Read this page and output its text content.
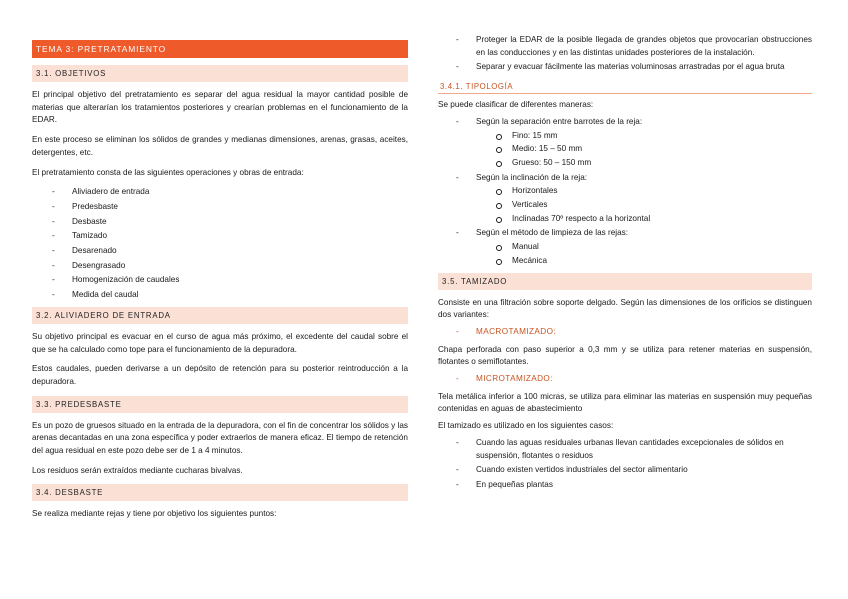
TEMA 3: PRETRATAMIENTO
3.1. OBJETIVOS

El principal objetivo del pretratamiento es separar del agua residual la mayor cantidad posible de materias que alterarían los tratamientos posteriores y crearían problemas en el funcionamiento de la EDAR.

En este proceso se eliminan los sólidos de grandes y medianas dimensiones, arenas, grasas, aceites, detergentes, etc.

El pretratamiento consta de las siguientes operaciones y obras de entrada:

- Aliviadero de entrada
- Predesbaste
- Desbaste
- Tamizado
- Desarenado
- Desengrasado
- Homogenización de caudales
- Medida del caudal
3.2. ALIVIADERO DE ENTRADA

Su objetivo principal es evacuar en el curso de agua más próximo, el excedente del caudal sobre el que se ha calculado como tope para el funcionamiento de la depuradora.

Estos caudales, pueden derivarse a un depósito de retención para su posterior reintroducción a la depuradora.

3.3. PREDESBASTE

Es un pozo de gruesos situado en la entrada de la depuradora, con el fin de concentrar los sólidos y las arenas decantadas en una zona específica y poder extraerlos de manera eficaz. El tiempo de retención del agua residual en este pozo debe ser de 1 a 4 minutos.

Los residuos serán extraídos mediante cucharas bivalvas.

3.4. DESBASTE

Se realiza mediante rejas y tiene por objetivo los siguientes puntos:

- Proteger la EDAR de la posible llegada de grandes objetos que provocarían obstrucciones en las conducciones y en las distintas unidades posteriores de la instalación.
- Separar y evacuar fácilmente las materias voluminosas arrastradas por el agua bruta
3.4.1. TIPOLOGÍA

Se puede clasificar de diferentes maneras:

- Según la separación entre barrotes de la reja:
Fino: 15 mm
Medio: 15 – 50 mm
Grueso: 50 – 150 mm
- Según la inclinación de la reja:
Horizontales
Verticales
Inclinadas 70º respecto a la horizontal
- Según el método de limpieza de las rejas:
Manual
Mecánica
3.5. TAMIZADO

Consiste en una filtración sobre soporte delgado. Según las dimensiones de los orificios se distinguen dos variantes:

- MACROTAMIZADO:

Chapa perforada con paso superior a 0,3 mm y se utiliza para retener materias en suspensión, flotantes o semiflotantes.

- MICROTAMIZADO:

Tela metálica inferior a 100 micras, se utiliza para eliminar las materias en suspensión muy pequeñas contenidas en aguas de abastecimiento

El tamizado es utilizado en los siguientes casos:

- Cuando las aguas residuales urbanas llevan cantidades excepcionales de sólidos en suspensión, flotantes o residuos
- Cuando existen vertidos industriales del sector alimentario
- En pequeñas plantas
